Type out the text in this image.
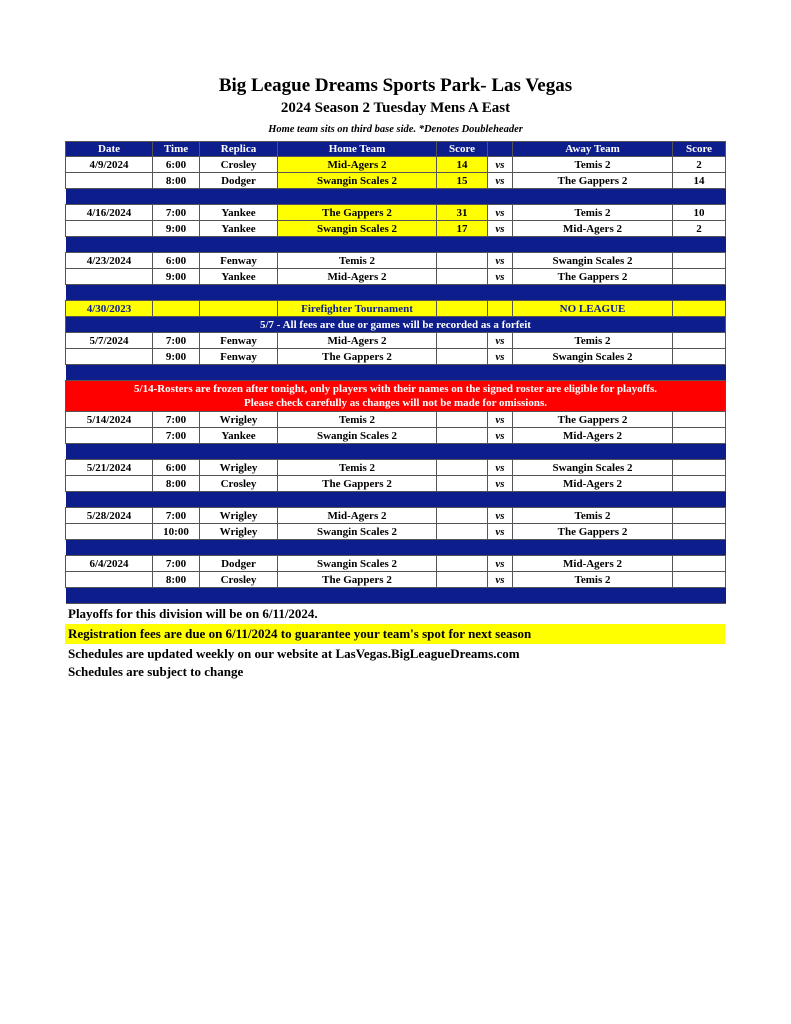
Big League Dreams Sports Park- Las Vegas
2024 Season 2 Tuesday Mens A East
Home team sits on third base side. *Denotes Doubleheader
Date	Time	Replica	Home Team	Score		Away Team	Score
4/9/2024	6:00	Crosley	Mid-Agers 2	14	vs	Temis 2	2
	8:00	Dodger	Swangin Scales 2	15	vs	The Gappers 2	14

4/16/2024	7:00	Yankee	The Gappers 2	31	vs	Temis 2	10
	9:00	Yankee	Swangin Scales 2	17	vs	Mid-Agers 2	2

4/23/2024	6:00	Fenway	Temis 2		vs	Swangin Scales 2	
	9:00	Yankee	Mid-Agers 2		vs	The Gappers 2	

4/30/2023			Firefighter Tournament			NO LEAGUE	
5/7 - All fees are due or games will be recorded as a forfeit							
5/7/2024	7:00	Fenway	Mid-Agers 2		vs	Temis 2	
	9:00	Fenway	The Gappers 2		vs	Swangin Scales 2	

5/14-Rosters are frozen after tonight, only players with their names on the signed roster are eligible for playoffs.
Please check carefully as changes will not be made for omissions.							

5/14/2024	7:00	Wrigley	Temis 2		vs	The Gappers 2	
	7:00	Yankee	Swangin Scales 2		vs	Mid-Agers 2	

5/21/2024	6:00	Wrigley	Temis 2		vs	Swangin Scales 2	
	8:00	Crosley	The Gappers 2		vs	Mid-Agers 2	

5/28/2024	7:00	Wrigley	Mid-Agers 2		vs	Temis 2	
	10:00	Wrigley	Swangin Scales 2		vs	The Gappers 2	

6/4/2024	7:00	Dodger	Swangin Scales 2		vs	Mid-Agers 2	
	8:00	Crosley	The Gappers 2		vs	Temis 2	

Playoffs for this division will be on 6/11/2024.
Registration fees are due on 6/11/2024 to guarantee your team's spot for next season
Schedules are updated weekly on our website at LasVegas.BigLeagueDreams.com
Schedules are subject to change
